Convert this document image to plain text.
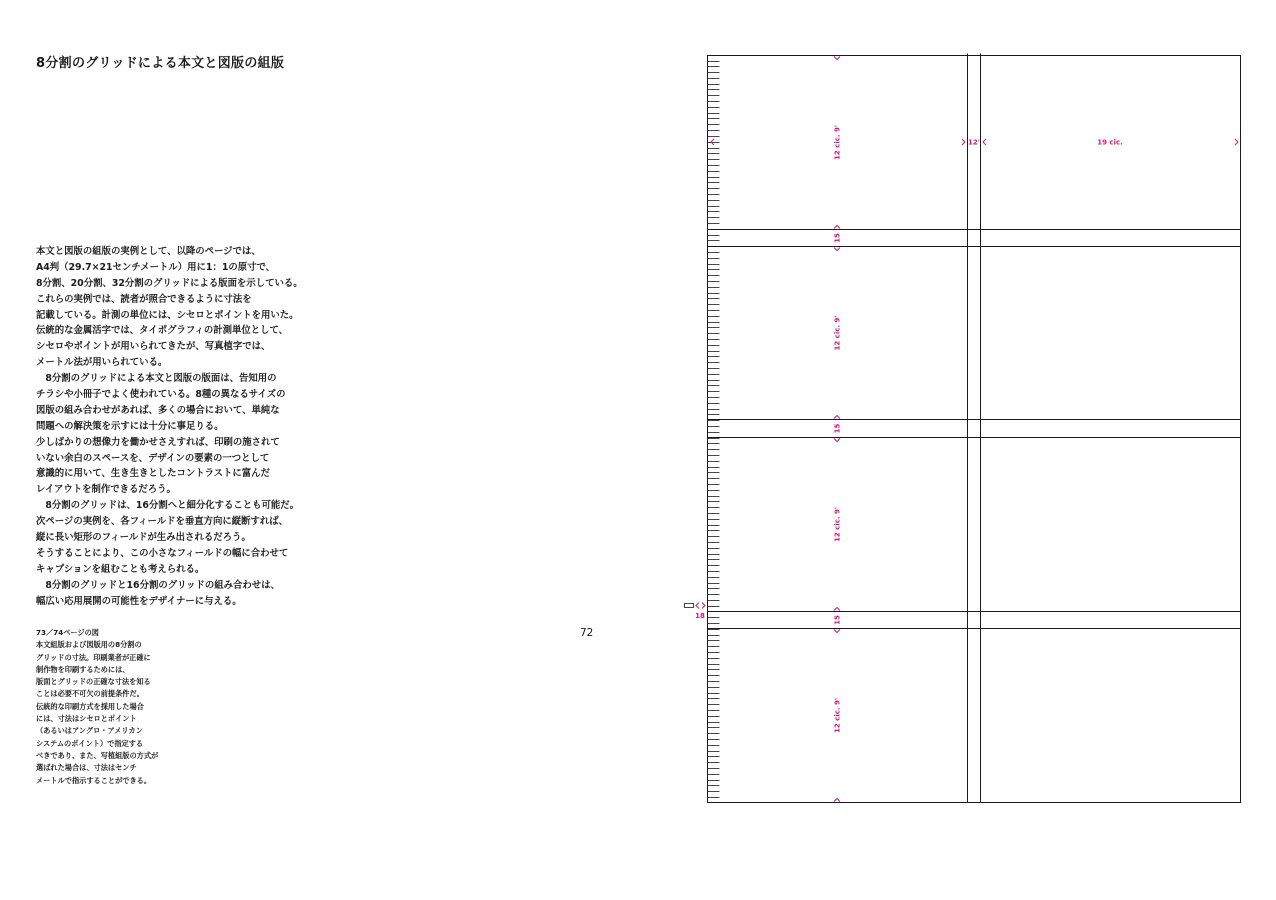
8分割のグリッドによる本文と図版の組版
本文と図版の組版の実例として、以降のページでは、
A4判（29.7×21センチメートル）用に1：1の原寸で、
8分割、20分割、32分割のグリッドによる版面を示している。
これらの実例では、読者が照合できるように寸法を
記載している。計測の単位には、シセロとポイントを用いた。
伝統的な金属活字では、タイポグラフィの計測単位として、
シセロやポイントが用いられてきたが、写真植字では、
メートル法が用いられている。
　8分割のグリッドによる本文と図版の版面は、告知用の
チラシや小冊子でよく使われている。8種の異なるサイズの
図版の組み合わせがあれば、多くの場合において、単純な
問題への解決策を示すには十分に事足りる。
少しばかりの想像力を働かせさえすれば、印刷の施されて
いない余白のスペースを、デザインの要素の一つとして
意識的に用いて、生き生きとしたコントラストに富んだ
レイアウトを制作できるだろう。
　8分割のグリッドは、16分割へと細分化することも可能だ。
次ページの実例を、各フィールドを垂直方向に縦断すれば、
縦に長い矩形のフィールドが生み出されるだろう。
そうすることにより、この小さなフィールドの幅に合わせて
キャプションを組むことも考えられる。
　8分割のグリッドと16分割のグリッドの組み合わせは、
幅広い応用展開の可能性をデザイナーに与える。
73／74ページの図
本文組版および図版用の8分割の
グリッドの寸法。印刷業者が正確に
制作物を印刷するためには、
版面とグリッドの正確な寸法を知る
ことは必要不可欠の前提条件だ。
伝統的な印刷方式を採用した場合
には、寸法はシセロとポイント
（あるいはアングロ・アメリカン
システムのポイント）で指定する
べきであり、また、写植組版の方式が
選ばれた場合は、寸法はセンチ
メートルで指示することができる。
72
12 cic. 9'
15
12 cic. 9'
15
12 cic. 9'
15
12 cic. 9'
12'	19 cic.
18
